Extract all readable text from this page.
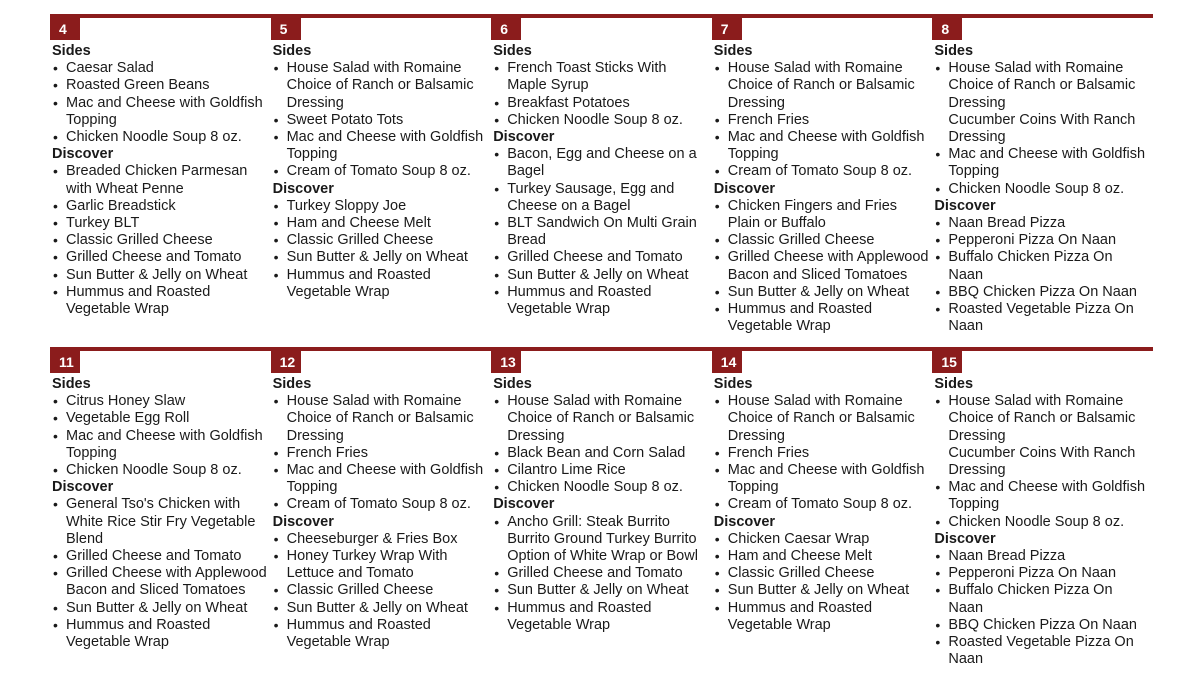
4
Sides
• Caesar Salad
• Roasted Green Beans
• Mac and Cheese with Goldfish Topping
• Chicken Noodle Soup 8 oz.
Discover
• Breaded Chicken Parmesan with Wheat Penne
• Garlic Breadstick
• Turkey BLT
• Classic Grilled Cheese
• Grilled Cheese and Tomato
• Sun Butter & Jelly on Wheat
• Hummus and Roasted Vegetable Wrap
5
Sides
• House Salad with Romaine Choice of Ranch or Balsamic Dressing
• Sweet Potato Tots
• Mac and Cheese with Goldfish Topping
• Cream of Tomato Soup 8 oz.
Discover
• Turkey Sloppy Joe
• Ham and Cheese Melt
• Classic Grilled Cheese
• Sun Butter & Jelly on Wheat
• Hummus and Roasted Vegetable Wrap
6
Sides
• French Toast Sticks With Maple Syrup
• Breakfast Potatoes
• Chicken Noodle Soup 8 oz.
Discover
• Bacon, Egg and Cheese on a Bagel
• Turkey Sausage, Egg and Cheese on a Bagel
• BLT Sandwich On Multi Grain Bread
• Grilled Cheese and Tomato
• Sun Butter & Jelly on Wheat
• Hummus and Roasted Vegetable Wrap
7
Sides
• House Salad with Romaine Choice of Ranch or Balsamic Dressing
• French Fries
• Mac and Cheese with Goldfish Topping
• Cream of Tomato Soup 8 oz.
Discover
• Chicken Fingers and Fries Plain or Buffalo
• Classic Grilled Cheese
• Grilled Cheese with Applewood Bacon and Sliced Tomatoes
• Sun Butter & Jelly on Wheat
• Hummus and Roasted Vegetable Wrap
8
Sides
• House Salad with Romaine Choice of Ranch or Balsamic Dressing
Cucumber Coins With Ranch Dressing
• Mac and Cheese with Goldfish Topping
• Chicken Noodle Soup 8 oz.
Discover
• Naan Bread Pizza
• Pepperoni Pizza On Naan
• Buffalo Chicken Pizza On Naan
• BBQ Chicken Pizza On Naan
• Roasted Vegetable Pizza On Naan
11
Sides
• Citrus Honey Slaw
• Vegetable Egg Roll
• Mac and Cheese with Goldfish Topping
• Chicken Noodle Soup 8 oz.
Discover
• General Tso's Chicken with White Rice Stir Fry Vegetable Blend
• Grilled Cheese and Tomato
• Grilled Cheese with Applewood Bacon and Sliced Tomatoes
• Sun Butter & Jelly on Wheat
• Hummus and Roasted Vegetable Wrap
12
Sides
• House Salad with Romaine Choice of Ranch or Balsamic Dressing
• French Fries
• Mac and Cheese with Goldfish Topping
• Cream of Tomato Soup 8 oz.
Discover
• Cheeseburger & Fries Box
• Honey Turkey Wrap With Lettuce and Tomato
• Classic Grilled Cheese
• Sun Butter & Jelly on Wheat
• Hummus and Roasted Vegetable Wrap
13
Sides
• House Salad with Romaine Choice of Ranch or Balsamic Dressing
• Black Bean and Corn Salad
• Cilantro Lime Rice
• Chicken Noodle Soup 8 oz.
Discover
• Ancho Grill: Steak Burrito Burrito Ground Turkey Burrito Option of White Wrap or Bowl
• Grilled Cheese and Tomato
• Sun Butter & Jelly on Wheat
• Hummus and Roasted Vegetable Wrap
14
Sides
• House Salad with Romaine Choice of Ranch or Balsamic Dressing
• French Fries
• Mac and Cheese with Goldfish Topping
• Cream of Tomato Soup 8 oz.
Discover
• Chicken Caesar Wrap
• Ham and Cheese Melt
• Classic Grilled Cheese
• Sun Butter & Jelly on Wheat
• Hummus and Roasted Vegetable Wrap
15
Sides
• House Salad with Romaine Choice of Ranch or Balsamic Dressing
Cucumber Coins With Ranch Dressing
• Mac and Cheese with Goldfish Topping
• Chicken Noodle Soup 8 oz.
Discover
• Naan Bread Pizza
• Pepperoni Pizza On Naan
• Buffalo Chicken Pizza On Naan
• BBQ Chicken Pizza On Naan
• Roasted Vegetable Pizza On Naan
